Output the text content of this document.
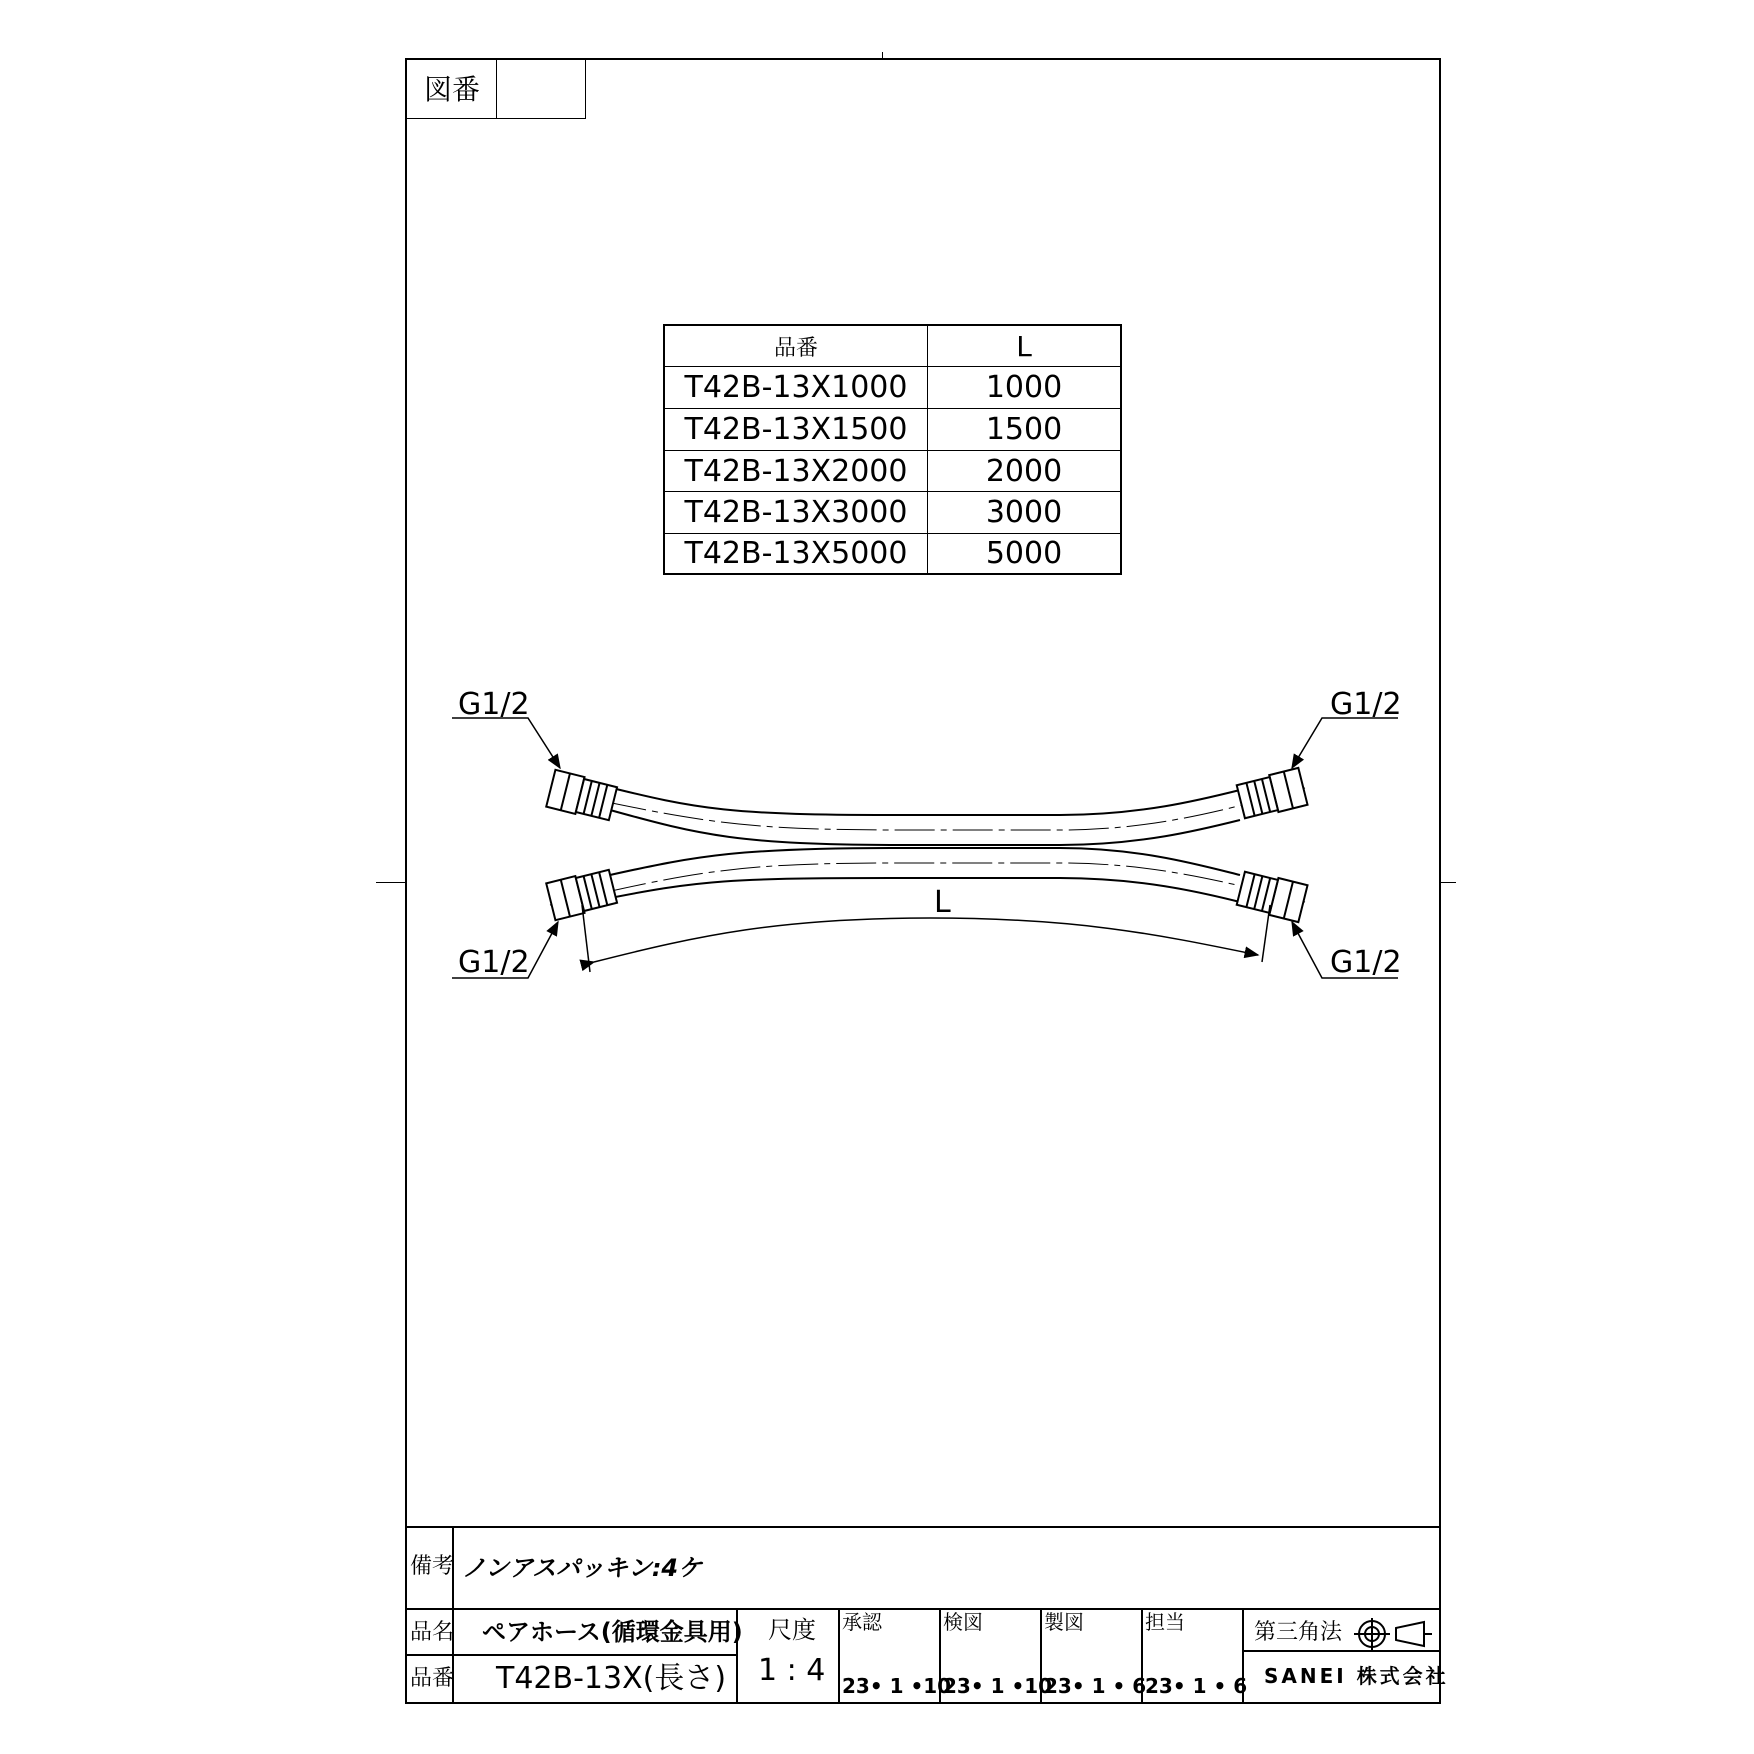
図番
品番	L
T42B-13X1000	1000
T42B-13X1500	1500
T42B-13X2000	2000
T42B-13X3000	3000
T42B-13X5000	5000
G1/2	G1/2
G1/2	G1/2
L
備考 ノンアスパッキン:4ケ
品名 ペアホース(循環金具用)
品番 T42B-13X(長さ)
尺度
1 : 4
承認
23• 1 •10
検図
23• 1 •10
製図
23• 1 • 6
担当
23• 1 • 6
第三角法
SANEI 株式会社
